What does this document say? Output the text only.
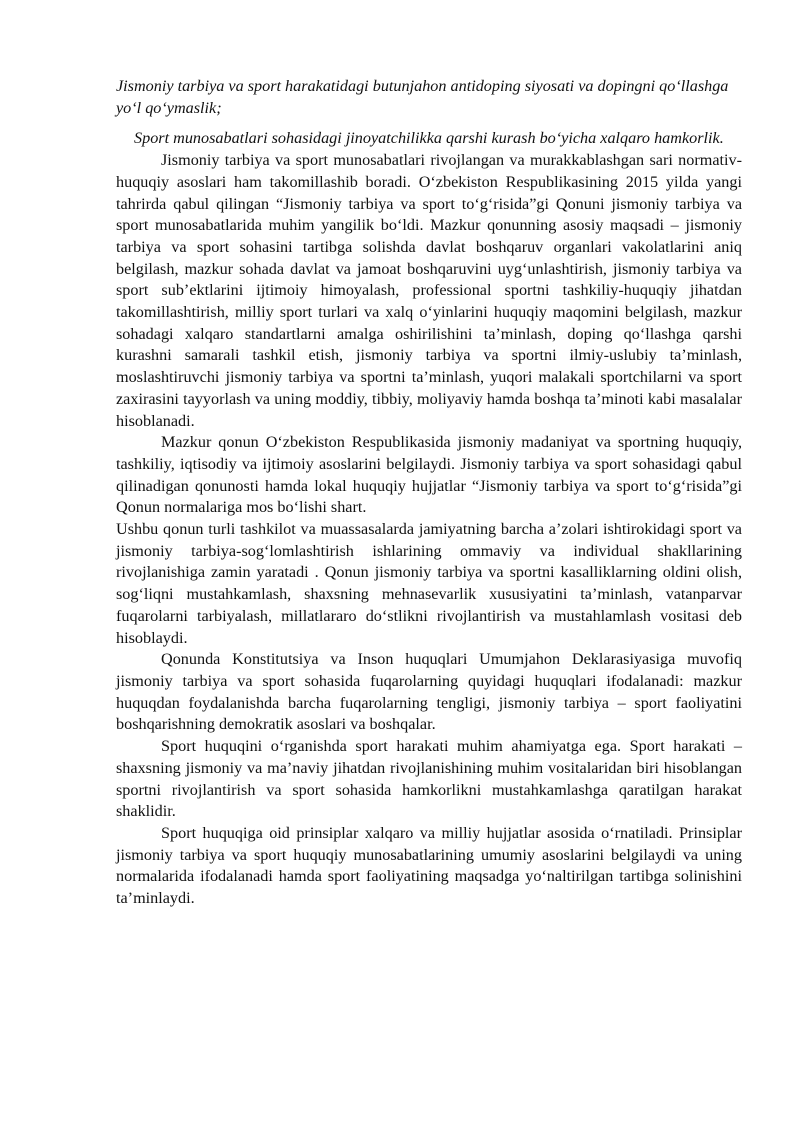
Jismoniy tarbiya va sport harakatidagi butunjahon antidoping siyosati va dopingni qoʻllashga yoʻl qoʻymaslik;

Sport munosabatlari sohasidagi jinoyatchilikka qarshi kurash boʻyicha xalqaro hamkorlik.

Jismoniy tarbiya va sport munosabatlari rivojlangan va murakkablashgan sari normativ-huquqiy asoslari ham takomillashib boradi. Oʻzbekiston Respublikasining 2015 yilda yangi tahrirda qabul qilingan “Jismoniy tarbiya va sport toʻgʻrisida”gi Qonuni jismoniy tarbiya va sport munosabatlarida muhim yangilik boʻldi. Mazkur qonunning asosiy maqsadi – jismoniy tarbiya va sport sohasini tartibga solishda davlat boshqaruv organlari vakolatlarini aniq belgilash, mazkur sohada davlat va jamoat boshqaruvini uygʻunlashtirish, jismoniy tarbiya va sport subʼektlarini ijtimoiy himoyalash, professional sportni tashkiliy-huquqiy jihatdan takomillashtirish, milliy sport turlari va xalq oʻyinlarini huquqiy maqomini belgilash, mazkur sohadagi xalqaro standartlarni amalga oshirilishini taʼminlash, doping qoʻllashga qarshi kurashni samarali tashkil etish, jismoniy tarbiya va sportni ilmiy-uslubiy taʼminlash, moslashtiruvchi jismoniy tarbiya va sportni taʼminlash, yuqori malakali sportchilarni va sport zaxirasini tayyorlash va uning moddiy, tibbiy, moliyaviy hamda boshqa taʼminoti kabi masalalar hisoblanadi.

Mazkur qonun Oʻzbekiston Respublikasida jismoniy madaniyat va sportning huquqiy, tashkiliy, iqtisodiy va ijtimoiy asoslarini belgilaydi. Jismoniy tarbiya va sport sohasidagi qabul qilinadigan qonunosti hamda lokal huquqiy hujjatlar “Jismoniy tarbiya va sport toʻgʻrisida”gi Qonun normalariga mos boʻlishi shart.

Ushbu qonun turli tashkilot va muassasalarda jamiyatning barcha aʼzolari ishtirokidagi sport va jismoniy tarbiya-sogʻlomlashtirish ishlarining ommaviy va individual shakllarining rivojlanishiga zamin yaratadi . Qonun jismoniy tarbiya va sportni kasalliklarning oldini olish, sogʻliqni mustahkamlash, shaxsning mehnasevarlik xususiyatini taʼminlash, vatanparvar fuqarolarni tarbiyalash, millatlararo doʻstlikni rivojlantirish va mustahlamlash vositasi deb hisoblaydi.

Qonunda Konstitutsiya va Inson huquqlari Umumjahon Deklarasiyasiga muvofiq jismoniy tarbiya va sport sohasida fuqarolarning quyidagi huquqlari ifodalanadi: mazkur huquqdan foydalanishda barcha fuqarolarning tengligi, jismoniy tarbiya – sport faoliyatini boshqarishning demokratik asoslari va boshqalar.

Sport huquqini oʻrganishda sport harakati muhim ahamiyatga ega. Sport harakati – shaxsning jismoniy va maʼnaviy jihatdan rivojlanishining muhim vositalaridan biri hisoblangan sportni rivojlantirish va sport sohasida hamkorlikni mustahkamlashga qaratilgan harakat shaklidir.

Sport huquqiga oid prinsiplar xalqaro va milliy hujjatlar asosida oʻrnatiladi. Prinsiplar jismoniy tarbiya va sport huquqiy munosabatlarining umumiy asoslarini belgilaydi va uning normalarida ifodalanadi hamda sport faoliyatining maqsadga yoʻnaltirilgan tartibga solinishini taʼminlaydi.
